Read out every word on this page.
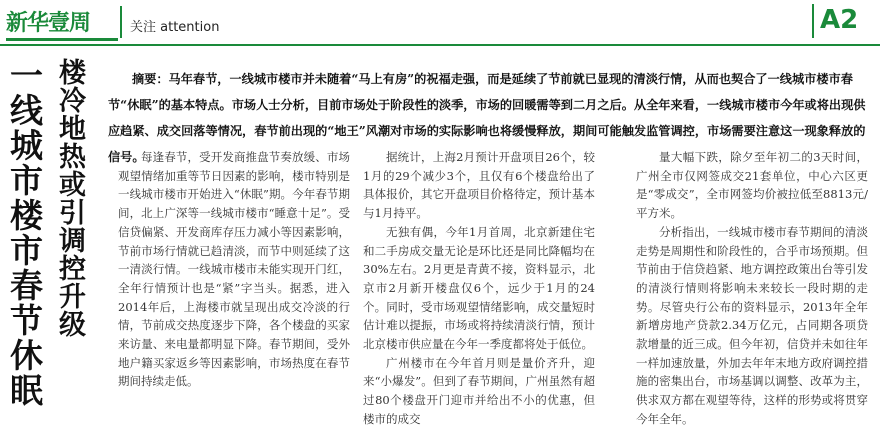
新华壹周	关注 attention	A2
一线城市楼市春节休眠 楼冷地热或引调控升级	摘要：马年春节，一线城市楼市并未随着“马上有房”的祝福走强，而是延续了节前就已显现的清淡行情，从而也契合了一线城市楼市春节“休眠”的基本特点。市场人士分析，目前市场处于阶段性的淡季，市场的回暖需等到二月之后。从全年来看，一线城市楼市今年或将出现供应趋紧、成交回落等情况，春节前出现的“地王”风潮对市场的实际影响也将缓慢释放，期间可能触发监管调控，市场需要注意这一现象释放的信号。

每逢春节，受开发商推盘节奏放缓、市场观望情绪加重等节日因素的影响，楼市特别是一线城市楼市开始进入“休眠”期。今年春节期间，北上广深等一线城市楼市“睡意十足”。受信贷偏紧、开发商库存压力减小等因素影响，节前市场行情就已趋清淡，而节中则延续了这一清淡行情。一线城市楼市未能实现开门红，全年行情预计也是“紧”字当头。据悉，进入2014年后，上海楼市就呈现出成交冷淡的行情，节前成交热度逐步下降，各个楼盘的买家来访量、来电量都明显下降。春节期间，受外地户籍买家返乡等因素影响，市场热度在春节期间持续走低。

据统计，上海2月预计开盘项目26个，较1月的29个减少3个，且仅有6个楼盘给出了具体报价，其它开盘项目价格待定，预计基本与1月持平。

无独有偶，今年1月首周，北京新建住宅和二手房成交量无论是环比还是同比降幅均在30%左右。2月更是青黄不接，资料显示，北京市2月新开楼盘仅6个，远少于1月的24个。同时，受市场观望情绪影响，成交量短时估计难以提振，市场或将持续清淡行情，预计北京楼市供应量在今年一季度都将处于低位。

广州楼市在今年首月则是量价齐升，迎来“小爆发”。但到了春节期间，广州虽然有超过80个楼盘开门迎市并给出不小的优惠，但楼市的成交

量大幅下跌，除夕至年初二的3天时间，广州全市仅网签成交21套单位，中心六区更是“零成交”，全市网签均价被拉低至8813元/平方米。

分析指出，一线城市楼市春节期间的清淡走势是周期性和阶段性的，合乎市场预期。但节前由于信贷趋紧、地方调控政策出台等引发的清淡行情则将影响未来较长一段时期的走势。尽管央行公布的资料显示，2013年全年新增房地产贷款2.34万亿元，占同期各项贷款增量的近三成。但今年初，信贷并未如往年一样加速放量，外加去年年末地方政府调控措施的密集出台，市场基调以调整、改革为主，供求双方都在观望等待，这样的形势或将贯穿今年全年。
